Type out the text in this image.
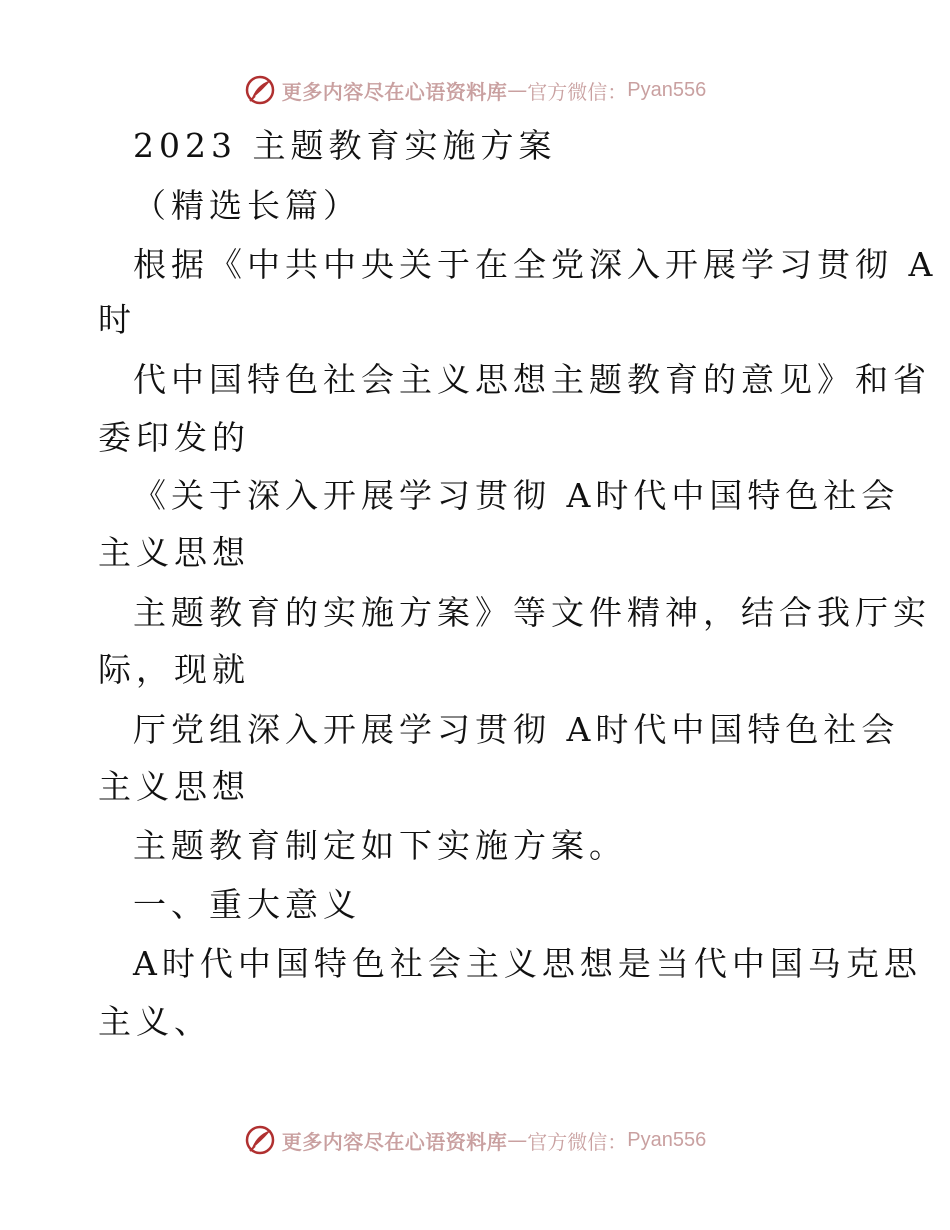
更多内容尽在心语资料库 — 官方微信： Pyan556
2023 主题教育实施方案
（精选长篇）
根据《中共中央关于在全党深入开展学习贯彻 A
时
代中国特色社会主义思想主题教育的意见》和省
委印发的
《关于深入开展学习贯彻 A时代中国特色社会
主义思想
主题教育的实施方案》等文件精神，结合我厅实
际，现就
厅党组深入开展学习贯彻 A时代中国特色社会
主义思想
主题教育制定如下实施方案。
一、重大意义
A时代中国特色社会主义思想是当代中国马克思
主义、
更多内容尽在心语资料库 — 官方微信： Pyan556
